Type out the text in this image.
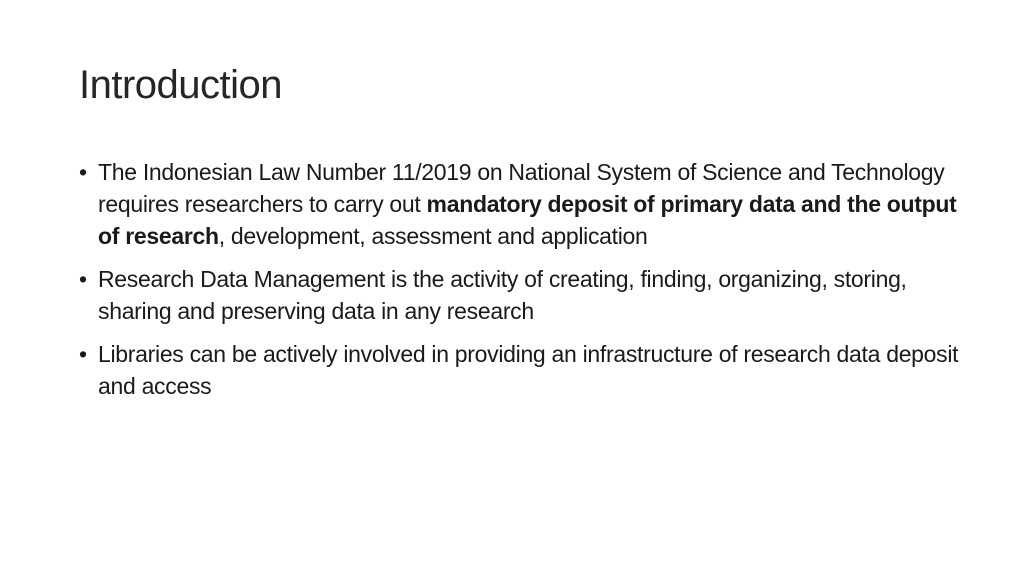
Introduction
• The Indonesian Law Number 11/2019 on National System of Science and Technology requires researchers to carry out mandatory deposit of primary data and the output of research, development, assessment and application
• Research Data Management is the activity of creating, finding, organizing, storing, sharing and preserving data in any research
• Libraries can be actively involved in providing an infrastructure of research data deposit and access
